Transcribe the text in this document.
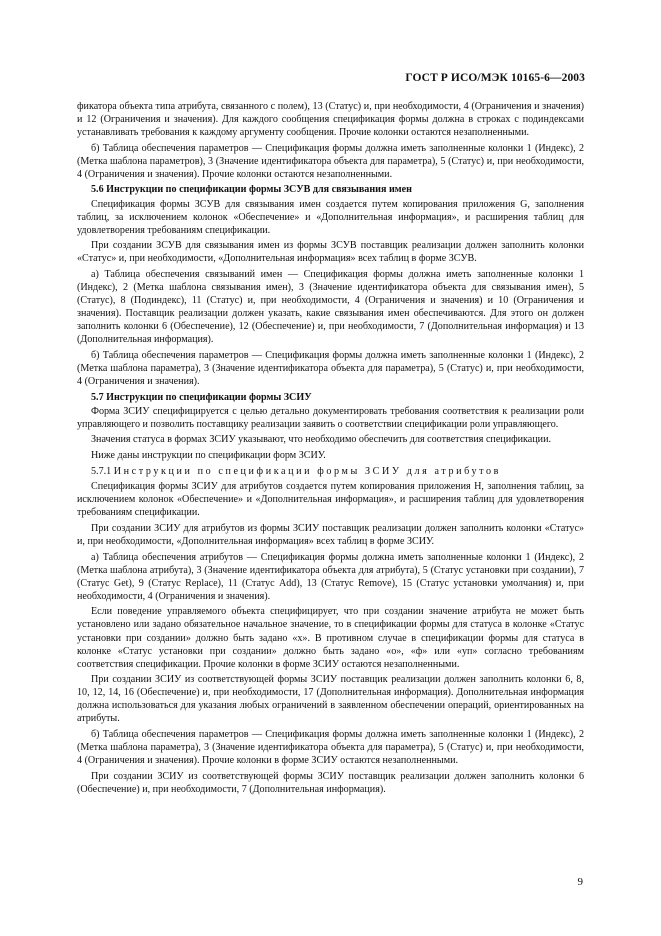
ГОСТ Р ИСО/МЭК 10165-6—2003

фикатора объекта типа атрибута, связанного с полем), 13 (Статус) и, при необходимости, 4 (Ограничения и значения) и 12 (Ограничения и значения). Для каждого сообщения спецификация формы должна в строках с подиндексами устанавливать требования к каждому аргументу сообщения. Прочие колонки остаются незаполненными.

б) Таблица обеспечения параметров — Спецификация формы должна иметь заполненные колонки 1 (Индекс), 2 (Метка шаблона параметров), 3 (Значение идентификатора объекта для параметра), 5 (Статус) и, при необходимости, 4 (Ограничения и значения). Прочие колонки остаются незаполненными.

5.6 Инструкции по спецификации формы ЗСУВ для связывания имен

Спецификация формы ЗСУВ для связывания имен создается путем копирования приложения G, заполнения таблиц, за исключением колонок «Обеспечение» и «Дополнительная информация», и расширения таблиц для удовлетворения требованиям спецификации.

При создании ЗСУВ для связывания имен из формы ЗСУВ поставщик реализации должен заполнить колонки «Статус» и, при необходимости, «Дополнительная информация» всех таблиц в форме ЗСУВ.

а) Таблица обеспечения связываний имен — Спецификация формы должна иметь заполненные колонки 1 (Индекс), 2 (Метка шаблона связывания имен), 3 (Значение идентификатора объекта для связывания имен), 5 (Статус), 8 (Подиндекс), 11 (Статус) и, при необходимости, 4 (Ограничения и значения) и 10 (Ограничения и значения). Поставщик реализации должен указать, какие связывания имен обеспечиваются. Для этого он должен заполнить колонки 6 (Обеспечение), 12 (Обеспечение) и, при необходимости, 7 (Дополнительная информация) и 13 (Дополнительная информация).

б) Таблица обеспечения параметров — Спецификация формы должна иметь заполненные колонки 1 (Индекс), 2 (Метка шаблона параметра), 3 (Значение идентификатора объекта для параметра), 5 (Статус) и, при необходимости, 4 (Ограничения и значения).

5.7 Инструкции по спецификации формы ЗСИУ

Форма ЗСИУ специфицируется с целью детально документировать требования соответствия к реализации роли управляющего и позволить поставщику реализации заявить о соответствии спецификации роли управляющего.

Значения статуса в формах ЗСИУ указывают, что необходимо обеспечить для соответствия спецификации.

Ниже даны инструкции по спецификации форм ЗСИУ.

5.7.1 Инструкции по спецификации формы ЗСИУ для атрибутов

Спецификация формы ЗСИУ для атрибутов создается путем копирования приложения Н, заполнения таблиц, за исключением колонок «Обеспечение» и «Дополнительная информация», и расширения таблиц для удовлетворения требованиям спецификации.

При создании ЗСИУ для атрибутов из формы ЗСИУ поставщик реализации должен заполнить колонки «Статус» и, при необходимости, «Дополнительная информация» всех таблиц в форме ЗСИУ.

а) Таблица обеспечения атрибутов — Спецификация формы должна иметь заполненные колонки 1 (Индекс), 2 (Метка шаблона атрибута), 3 (Значение идентификатора объекта для атрибута), 5 (Статус установки при создании), 7 (Статус Get), 9 (Статус Replace), 11 (Статус Add), 13 (Статус Remove), 15 (Статус установки умолчания) и, при необходимости, 4 (Ограничения и значения).

Если поведение управляемого объекта специфицирует, что при создании значение атрибута не может быть установлено или задано обязательное начальное значение, то в спецификации формы для статуса в колонке «Статус установки при создании» должно быть задано «х». В противном случае в спецификации формы для статуса в колонке «Статус установки при создании» должно быть задано «о», «ф» или «уп» согласно требованиям соответствия спецификации. Прочие колонки в форме ЗСИУ остаются незаполненными.

При создании ЗСИУ из соответствующей формы ЗСИУ поставщик реализации должен заполнить колонки 6, 8, 10, 12, 14, 16 (Обеспечение) и, при необходимости, 17 (Дополнительная информация). Дополнительная информация должна использоваться для указания любых ограничений в заявленном обеспечении операций, ориентированных на атрибуты.

б) Таблица обеспечения параметров — Спецификация формы должна иметь заполненные колонки 1 (Индекс), 2 (Метка шаблона параметра), 3 (Значение идентификатора объекта для параметра), 5 (Статус) и, при необходимости, 4 (Ограничения и значения). Прочие колонки в форме ЗСИУ остаются незаполненными.

При создании ЗСИУ из соответствующей формы ЗСИУ поставщик реализации должен заполнить колонки 6 (Обеспечение) и, при необходимости, 7 (Дополнительная информация).

9
